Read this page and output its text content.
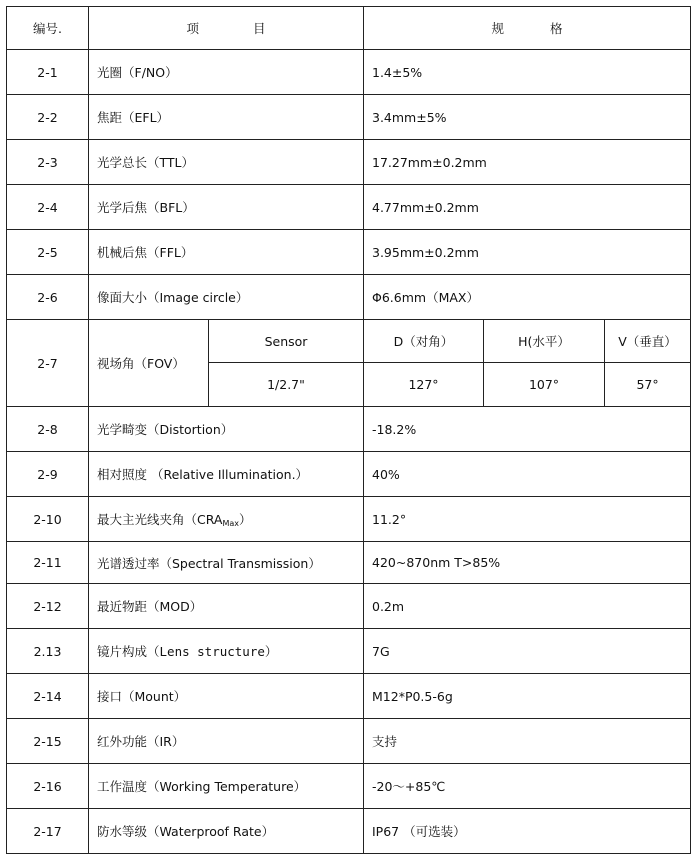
编号.	项 目		规 格		
2-1	光圈（F/NO）		1.4±5%		
2-2	焦距（EFL）		3.4mm±5%		
2-3	光学总长（TTL）		17.27mm±0.2mm		
2-4	光学后焦（BFL）		4.77mm±0.2mm		
2-5	机械后焦（FFL）		3.95mm±0.2mm		
2-6	像面大小（Image circle）		Φ6.6mm（MAX）		
2-7	视场角（FOV）	Sensor	D（对角）	H(水平）	V（垂直）
		1/2.7"	127°	107°	57°
2-8	光学畸变（Distortion）		-18.2%		
2-9	相对照度 （Relative Illumination.）		40%		
2-10	最大主光线夹角$(CRA_{Max})$		11.2°		
2-11	光谱透过率（Spectral Transmission）		420~870nm T>85%		
2-12	最近物距（MOD）		0.2m		
2.13	镜片构成（Lens structure）		7G		
2-14	接口（Mount）		M12*P0.5-6g		
2-15	红外功能（IR）		支持		
2-16	工作温度（Working Temperature）		-20～+85℃		
2-17	防水等级（Waterproof Rate）		IP67 （可选装）		
